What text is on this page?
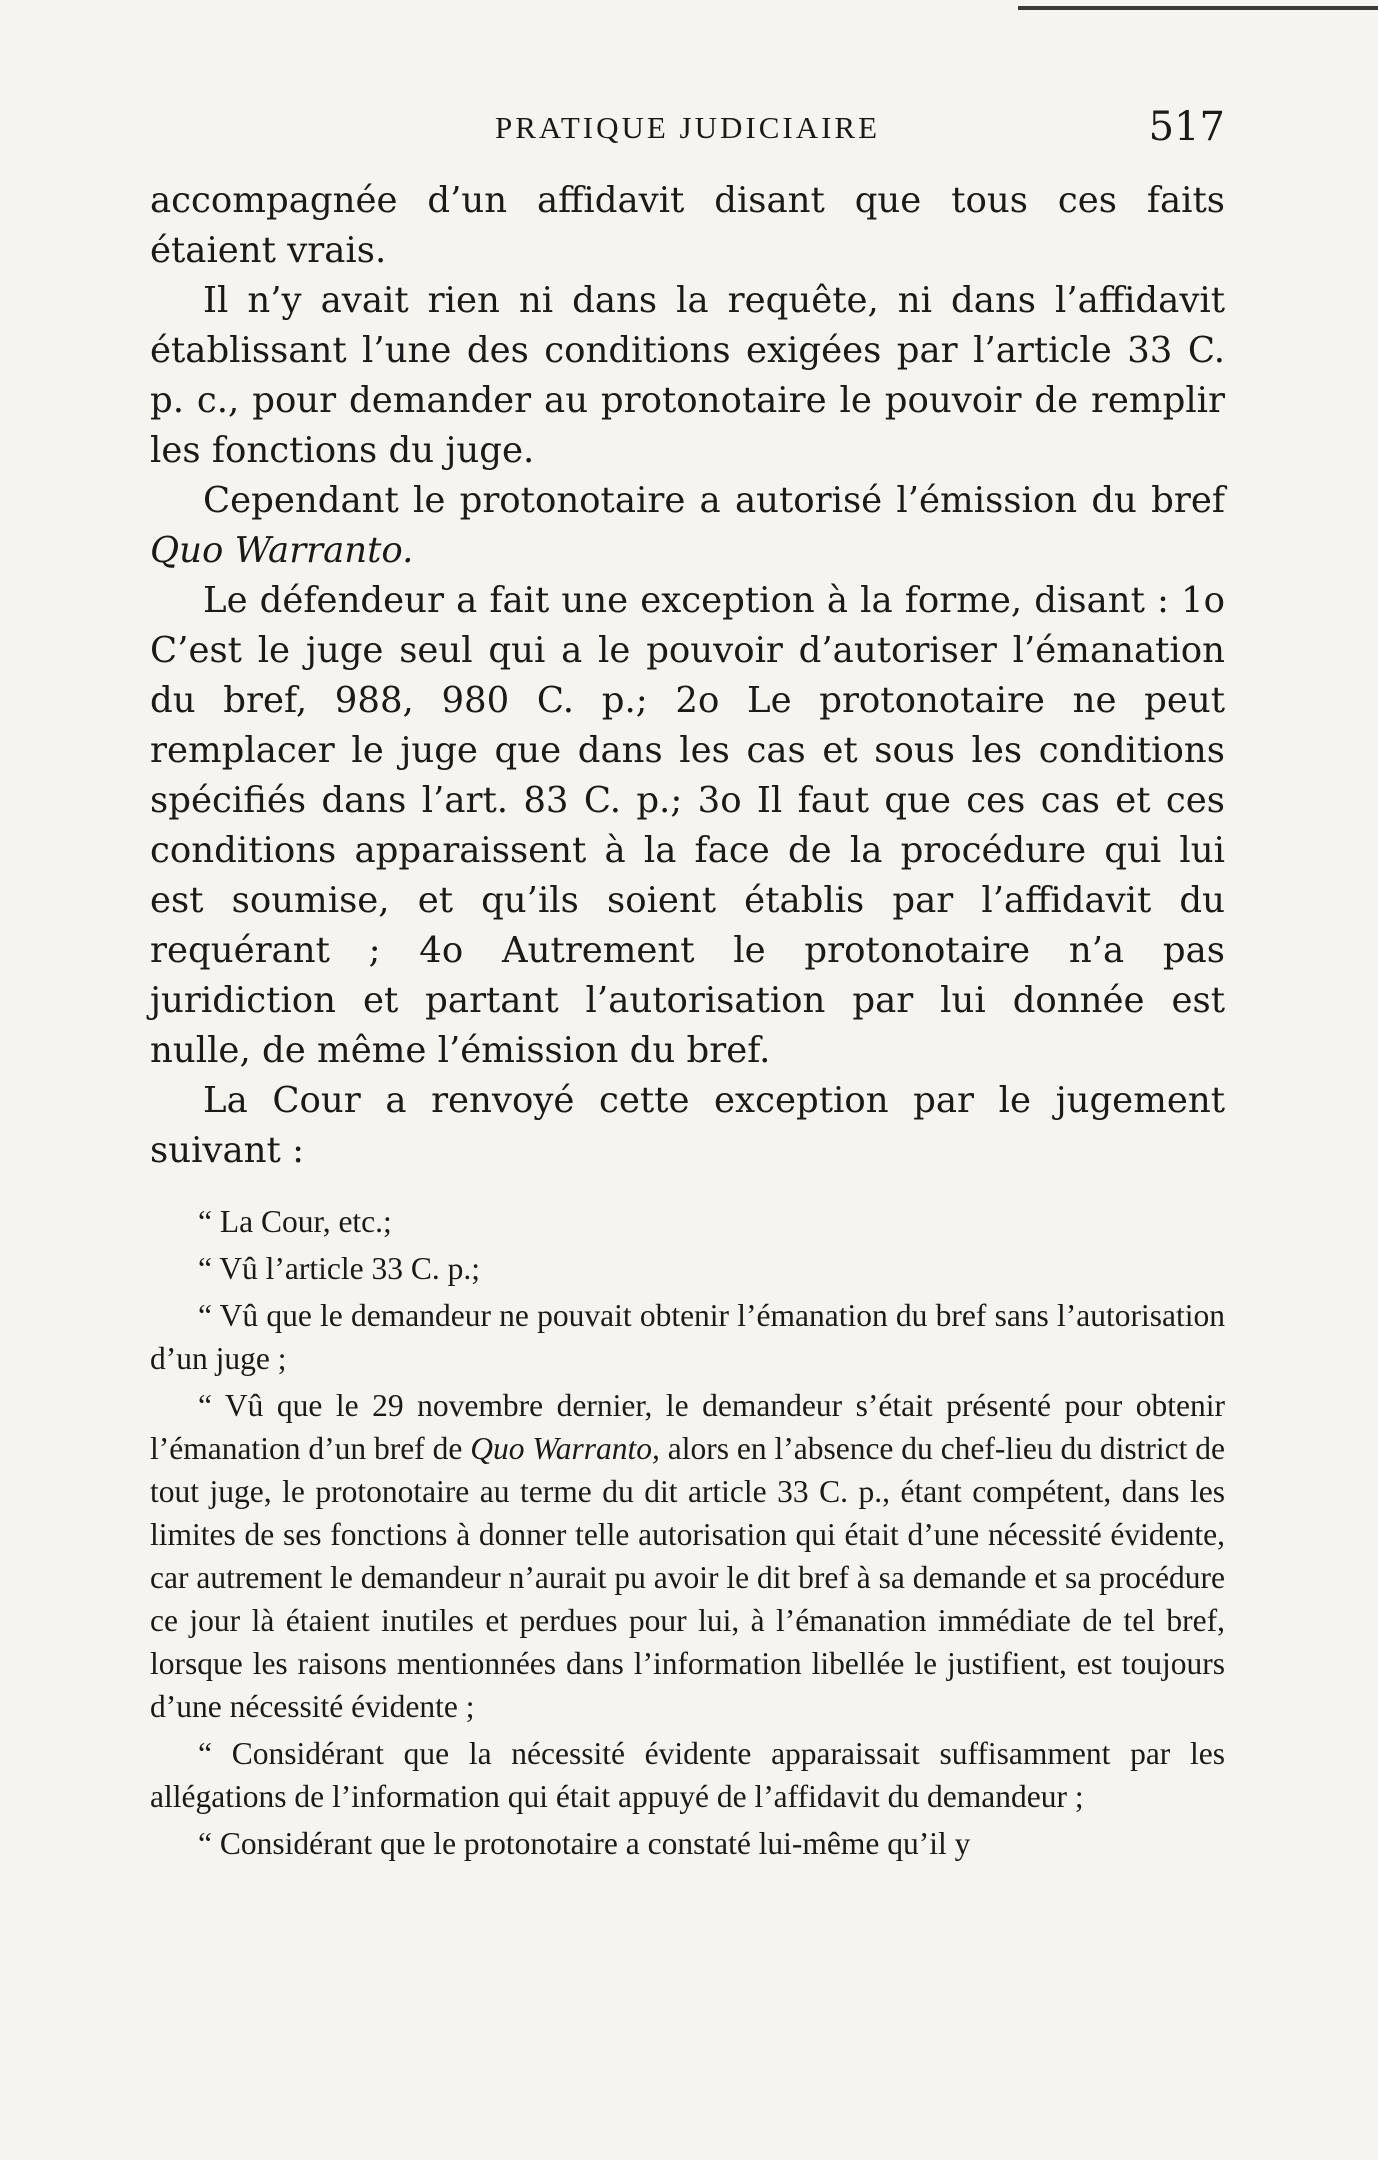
PRATIQUE JUDICIAIRE	517

accompagnée d’un affidavit disant que tous ces faits étaient vrais.

Il n’y avait rien ni dans la requête, ni dans l’affidavit établissant l’une des conditions exigées par l’article 33 C. p. c., pour demander au protonotaire le pouvoir de remplir les fonctions du juge.

Cependant le protonotaire a autorisé l’émission du bref Quo Warranto.

Le défendeur a fait une exception à la forme, disant : 1o C’est le juge seul qui a le pouvoir d’autoriser l’émanation du bref, 988, 980 C. p.; 2o Le protonotaire ne peut remplacer le juge que dans les cas et sous les conditions spécifiés dans l’art. 83 C. p.; 3o Il faut que ces cas et ces conditions apparaissent à la face de la procédure qui lui est soumise, et qu’ils soient établis par l’affidavit du requérant ; 4o Autrement le protonotaire n’a pas juridiction et partant l’autorisation par lui donnée est nulle, de même l’émission du bref.

La Cour a renvoyé cette exception par le jugement suivant :

“ La Cour, etc.;

“ Vû l’article 33 C. p.;

“ Vû que le demandeur ne pouvait obtenir l’émanation du bref sans l’autorisation d’un juge ;

“ Vû que le 29 novembre dernier, le demandeur s’était présenté pour obtenir l’émanation d’un bref de Quo Warranto, alors en l’absence du chef-lieu du district de tout juge, le protonotaire au terme du dit article 33 C. p., étant compétent, dans les limites de ses fonctions à donner telle autorisation qui était d’une nécessité évidente, car autrement le demandeur n’aurait pu avoir le dit bref à sa demande et sa procédure ce jour là étaient inutiles et perdues pour lui, à l’émanation immédiate de tel bref, lorsque les raisons mentionnées dans l’information libellée le justifient, est toujours d’une nécessité évidente ;

“ Considérant que la nécessité évidente apparaissait suffisamment par les allégations de l’information qui était appuyé de l’affidavit du demandeur ;

“ Considérant que le protonotaire a constaté lui-même qu’il y
